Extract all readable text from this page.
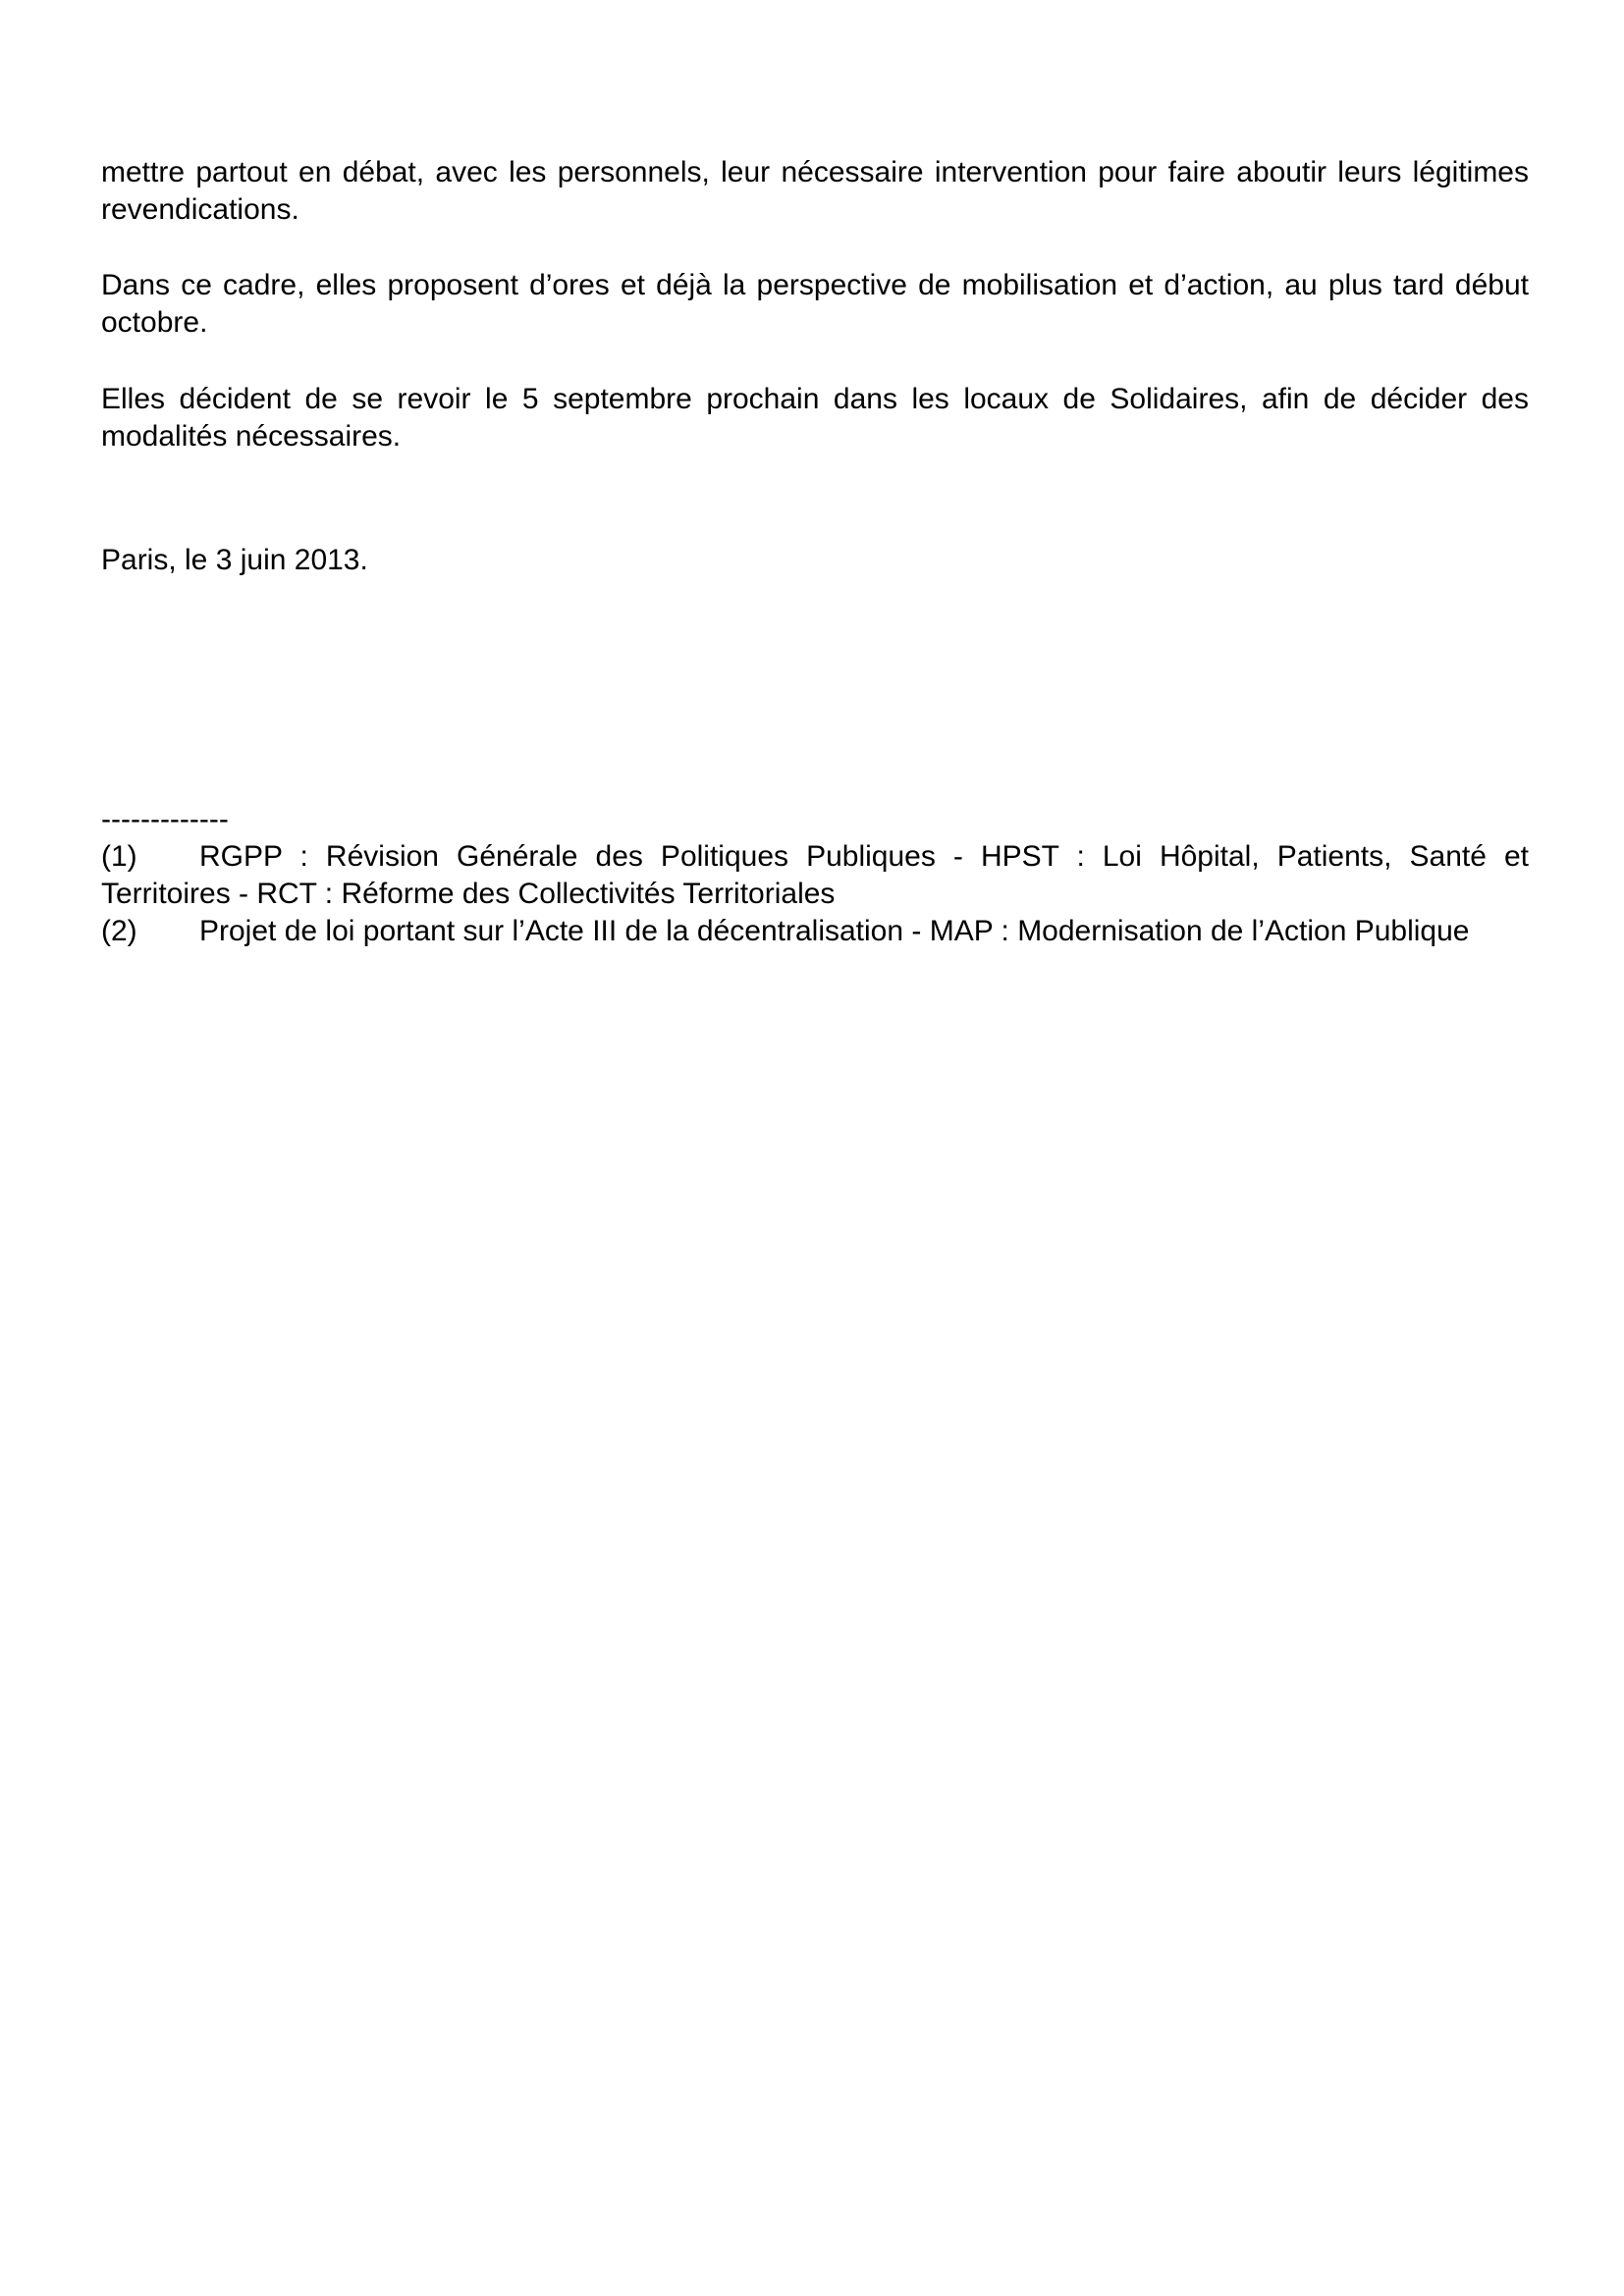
mettre partout en débat, avec les personnels, leur nécessaire intervention pour faire aboutir leurs légitimes revendications.

Dans ce cadre, elles proposent d’ores et déjà la perspective de mobilisation et d’action, au plus tard début octobre.

Elles décident de se revoir le 5 septembre prochain dans les locaux de Solidaires, afin de décider des modalités nécessaires.

Paris, le 3 juin 2013.

-------------

(1) RGPP : Révision Générale des Politiques Publiques - HPST : Loi Hôpital, Patients, Santé et Territoires - RCT : Réforme des Collectivités Territoriales

(2) Projet de loi portant sur l’Acte III de la décentralisation - MAP : Modernisation de l’Action Publique
